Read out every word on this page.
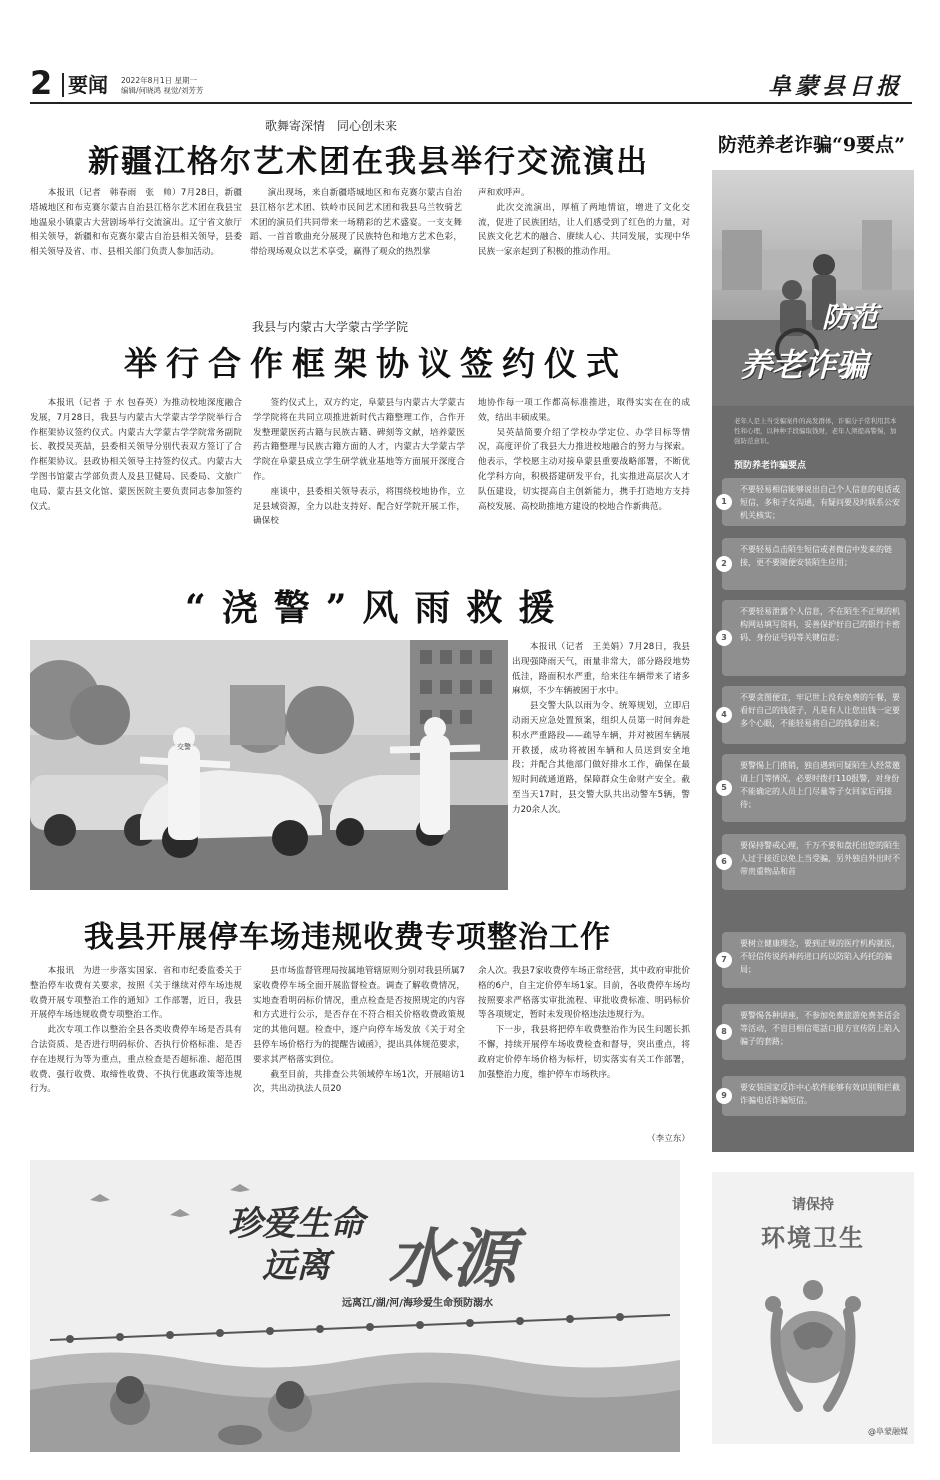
2 要闻 2022年8月1日 星期一
编辑/何晓鸿 视觉/刘芳芳	阜蒙县日报
歌舞寄深情　同心创未来
新疆江格尔艺术团在我县举行交流演出
　　本报讯（记者　韩春雨　张　帅）7月28日，新疆塔城地区和布克赛尔蒙古自治县江格尔艺术团在我县宝地温泉小镇蒙古大营剧场举行交流演出。辽宁省文旅厅相关领导，新疆和布克赛尔蒙古自治县相关领导，县委相关领导及省、市、县相关部门负责人参加活动。
　　演出现场，来自新疆塔城地区和布克赛尔蒙古自治县江格尔艺术团、铁岭市民间艺术团和我县乌兰牧骑艺术团的演员们共同带来一场精彩的艺术盛宴。一支支舞蹈、一首首歌曲充分展现了民族特色和地方艺术色彩，带给现场观众以艺术享受，赢得了观众的热烈掌
声和欢呼声。
　　此次交流演出，厚植了两地情谊，增进了文化交流，促进了民族团结，让人们感受到了红色的力量，对民族文化艺术的融合、赓续人心、共同发展，实现中华民族一家亲起到了积极的推动作用。
我县与内蒙古大学蒙古学学院
举行合作框架协议签约仪式
　　本报讯（记者 于 水 包春英）为推动校地深度融合发展，7月28日，我县与内蒙古大学蒙古学学院举行合作框架协议签约仪式。内蒙古大学蒙古学学院常务副院长、教授吴英喆，县委相关领导分别代表双方签订了合作框架协议。县政协相关领导主持签约仪式。内蒙古大学图书馆蒙古学部负责人及县卫健局、民委局、文旅广电局、蒙古县文化馆、蒙医医院主要负责同志参加签约仪式。
　　签约仪式上，双方约定，阜蒙县与内蒙古大学蒙古学学院将在共同立项推进新时代古籍整理工作，合作开发整理蒙医药古籍与民族古籍、碑刻等文献，培养蒙医药古籍整理与民族古籍方面的人才，内蒙古大学蒙古学学院在阜蒙县成立学生研学就业基地等方面展开深度合作。
　　座谈中，县委相关领导表示，将围绕校地协作，立足县域资源，全力以赴支持好、配合好学院开展工作，确保校
地协作每一项工作都高标准推进，取得实实在在的成效，结出丰硕成果。
　　吴英喆简要介绍了学校办学定位、办学目标等情况，高度评价了我县大力推进校地融合的努力与探索。他表示，学校愿主动对接阜蒙县重要战略部署，不断优化学科方向，积极搭建研发平台，扎实推进高层次人才队伍建设，切实提高自主创新能力，携手打造地方支持高校发展、高校助推地方建设的校地合作新典范。
“浇警”风雨救援
交警
　　本报讯（记者　王美娟）7月28日，我县出现强降雨天气，雨量非常大，部分路段地势低洼，路面积水严重，给来往车辆带来了诸多麻烦，不少车辆被困于水中。
　　县交警大队以雨为令、统筹规划，立即启动雨天应急处置预案，组织人员第一时间奔赴积水严重路段——疏导车辆，并对被困车辆展开救援，成功将被困车辆和人员送到安全地段；并配合其他部门做好排水工作，确保在最短时间疏通道路，保障群众生命财产安全。截至当天17时，县交警大队共出动警车5辆，警力20余人次。
我县开展停车场违规收费专项整治工作
　　本报讯　为进一步落实国家、省和市纪委监委关于整治停车收费有关要求，按照《关于继续对停车场违规收费开展专项整治工作的通知》工作部署，近日，我县开展停车场违规收费专项整治工作。
　　此次专项工作以整治全县各类收费停车场是否具有合法资质、是否进行明码标价、否执行价格标准、是否存在违规行为等为重点，重点检查是否超标准、超范围收费、强行收费、取缔性收费、不执行优惠政策等违规行为。
　　县市场监督管理局按属地管辖原则分别对我县所属7家收费停车场全面开展监督检查。调查了解收费情况，实地查看明码标价情况，重点检查是否按照规定的内容和方式进行公示，是否存在不符合相关价格收费政策规定的其他问题。检查中，逐户向停车场发放《关于对全县停车场价格行为的提醒告诫函》，提出具体规范要求，要求其严格落实到位。
　　截至目前，共排查公共领域停车场1次，开展暗访1次，共出动执法人员20
余人次。我县7家收费停车场正常经营，其中政府审批价格的6户，自主定价停车场1家。目前，各收费停车场均按照要求严格落实审批流程、审批收费标准、明码标价等各项规定，暂时未发现价格违法违规行为。
　　下一步，我县将把停车收费整治作为民生问题长抓不懈，持续开展停车场收费检查和督导，突出重点，将政府定价停车场价格为标杆，切实落实有关工作部署，加强整治力度，维护停车市场秩序。
（李立东）
防范养老诈骗“9要点”
防范
养老诈骗
老年人是上当受骗案件的高发群体，诈骗分子常利用其本性和心理，以种种手段骗取钱财，老年人须提高警惕，加强防范意识。
预防养老诈骗要点
1
不要轻易相信能够说出自己个人信息的电话或短信，多和子女沟通，有疑问要及时联系公安机关核实；
2
不要轻易点击陌生短信或者微信中发来的链接，更不要随便安装陌生应用；
3
不要轻易泄露个人信息，不在陌生不正规的机构网站填写资料，妥善保护好自己的银行卡密码、身份证号码等关键信息；
4
不要贪图便宜，牢记世上没有免费的午餐，要看好自己的钱袋子，凡是有人让您出钱一定要多个心眼，不能轻易将自己的钱拿出来；
5
要警惕上门推销，独自遇到可疑陌生人经常邀请上门等情况，必要时拨打110报警，对身份不能确定的人员上门尽量等子女回家后再接待；
6
要保持警戒心理，千万不要和盘托出您的陌生人过于接近以免上当受骗，另外独自外出时不带贵重物品和首
7
要树立健康理念，要到正规的医疗机构就医，不轻信传说药神药进口药以防陷入药托的骗局；
8
要警惕各种讲座，不参加免费旅游免费茶话会等活动，不盲目相信電話口报方宣传防上陷入骗子的套路；
9
要安装国家反诈中心软件能够有效识别和拦截诈骗电话诈骗短信。
珍爱生命
远离 水源
远离江/湖/河/海珍爱生命预防溺水
请保持
环境卫生
@阜蒙融媒
